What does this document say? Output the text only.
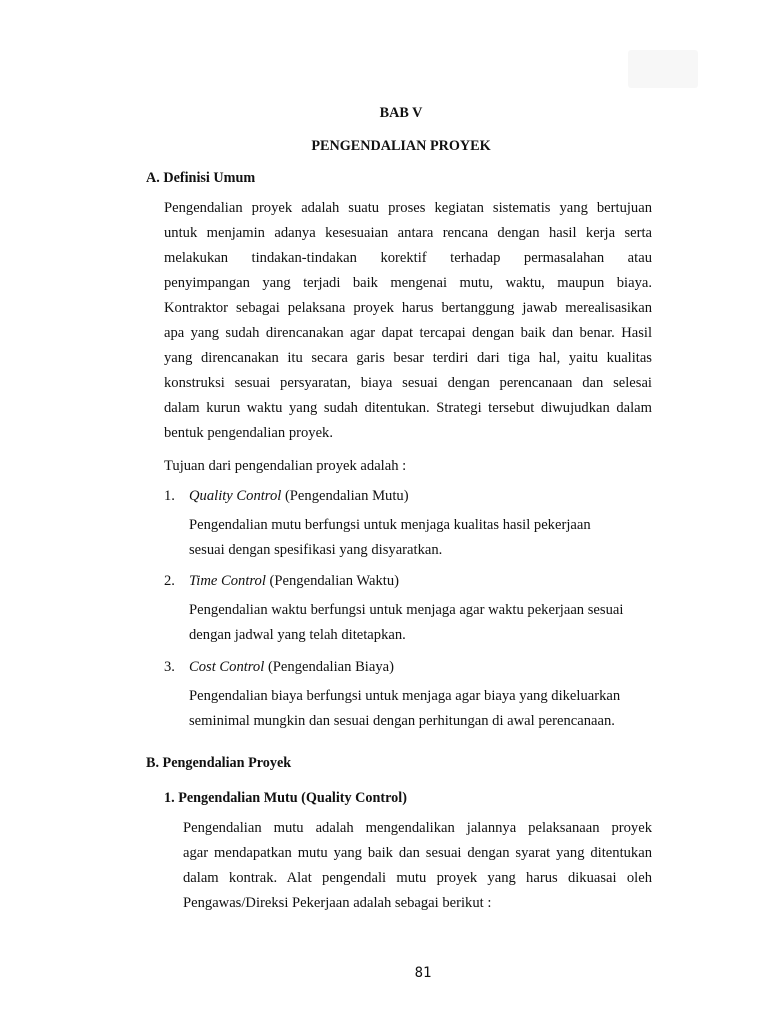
BAB V
PENGENDALIAN PROYEK
A. Definisi Umum
Pengendalian proyek adalah suatu proses kegiatan sistematis yang bertujuan
untuk menjamin adanya kesesuaian antara rencana dengan hasil kerja serta
melakukan tindakan-tindakan korektif terhadap permasalahan atau
penyimpangan yang terjadi baik mengenai mutu, waktu, maupun biaya.
Kontraktor sebagai pelaksana proyek harus bertanggung jawab merealisasikan
apa yang sudah direncanakan agar dapat tercapai dengan baik dan benar. Hasil
yang direncanakan itu secara garis besar terdiri dari tiga hal, yaitu kualitas
konstruksi sesuai persyaratan, biaya sesuai dengan perencanaan dan selesai
dalam kurun waktu yang sudah ditentukan. Strategi tersebut diwujudkan dalam
bentuk pengendalian proyek.
Tujuan dari pengendalian proyek adalah :
1. Quality Control (Pengendalian Mutu)
Pengendalian mutu berfungsi untuk menjaga kualitas hasil pekerjaan
sesuai dengan spesifikasi yang disyaratkan.
2. Time Control (Pengendalian Waktu)
Pengendalian waktu berfungsi untuk menjaga agar waktu pekerjaan sesuai
dengan jadwal yang telah ditetapkan.
3. Cost Control (Pengendalian Biaya)
Pengendalian biaya berfungsi untuk menjaga agar biaya yang dikeluarkan
seminimal mungkin dan sesuai dengan perhitungan di awal perencanaan.
B. Pengendalian Proyek
1. Pengendalian Mutu (Quality Control)
Pengendalian mutu adalah mengendalikan jalannya pelaksanaan proyek
agar mendapatkan mutu yang baik dan sesuai dengan syarat yang ditentukan
dalam kontrak. Alat pengendali mutu proyek yang harus dikuasai oleh
Pengawas/Direksi Pekerjaan adalah sebagai berikut :
81
